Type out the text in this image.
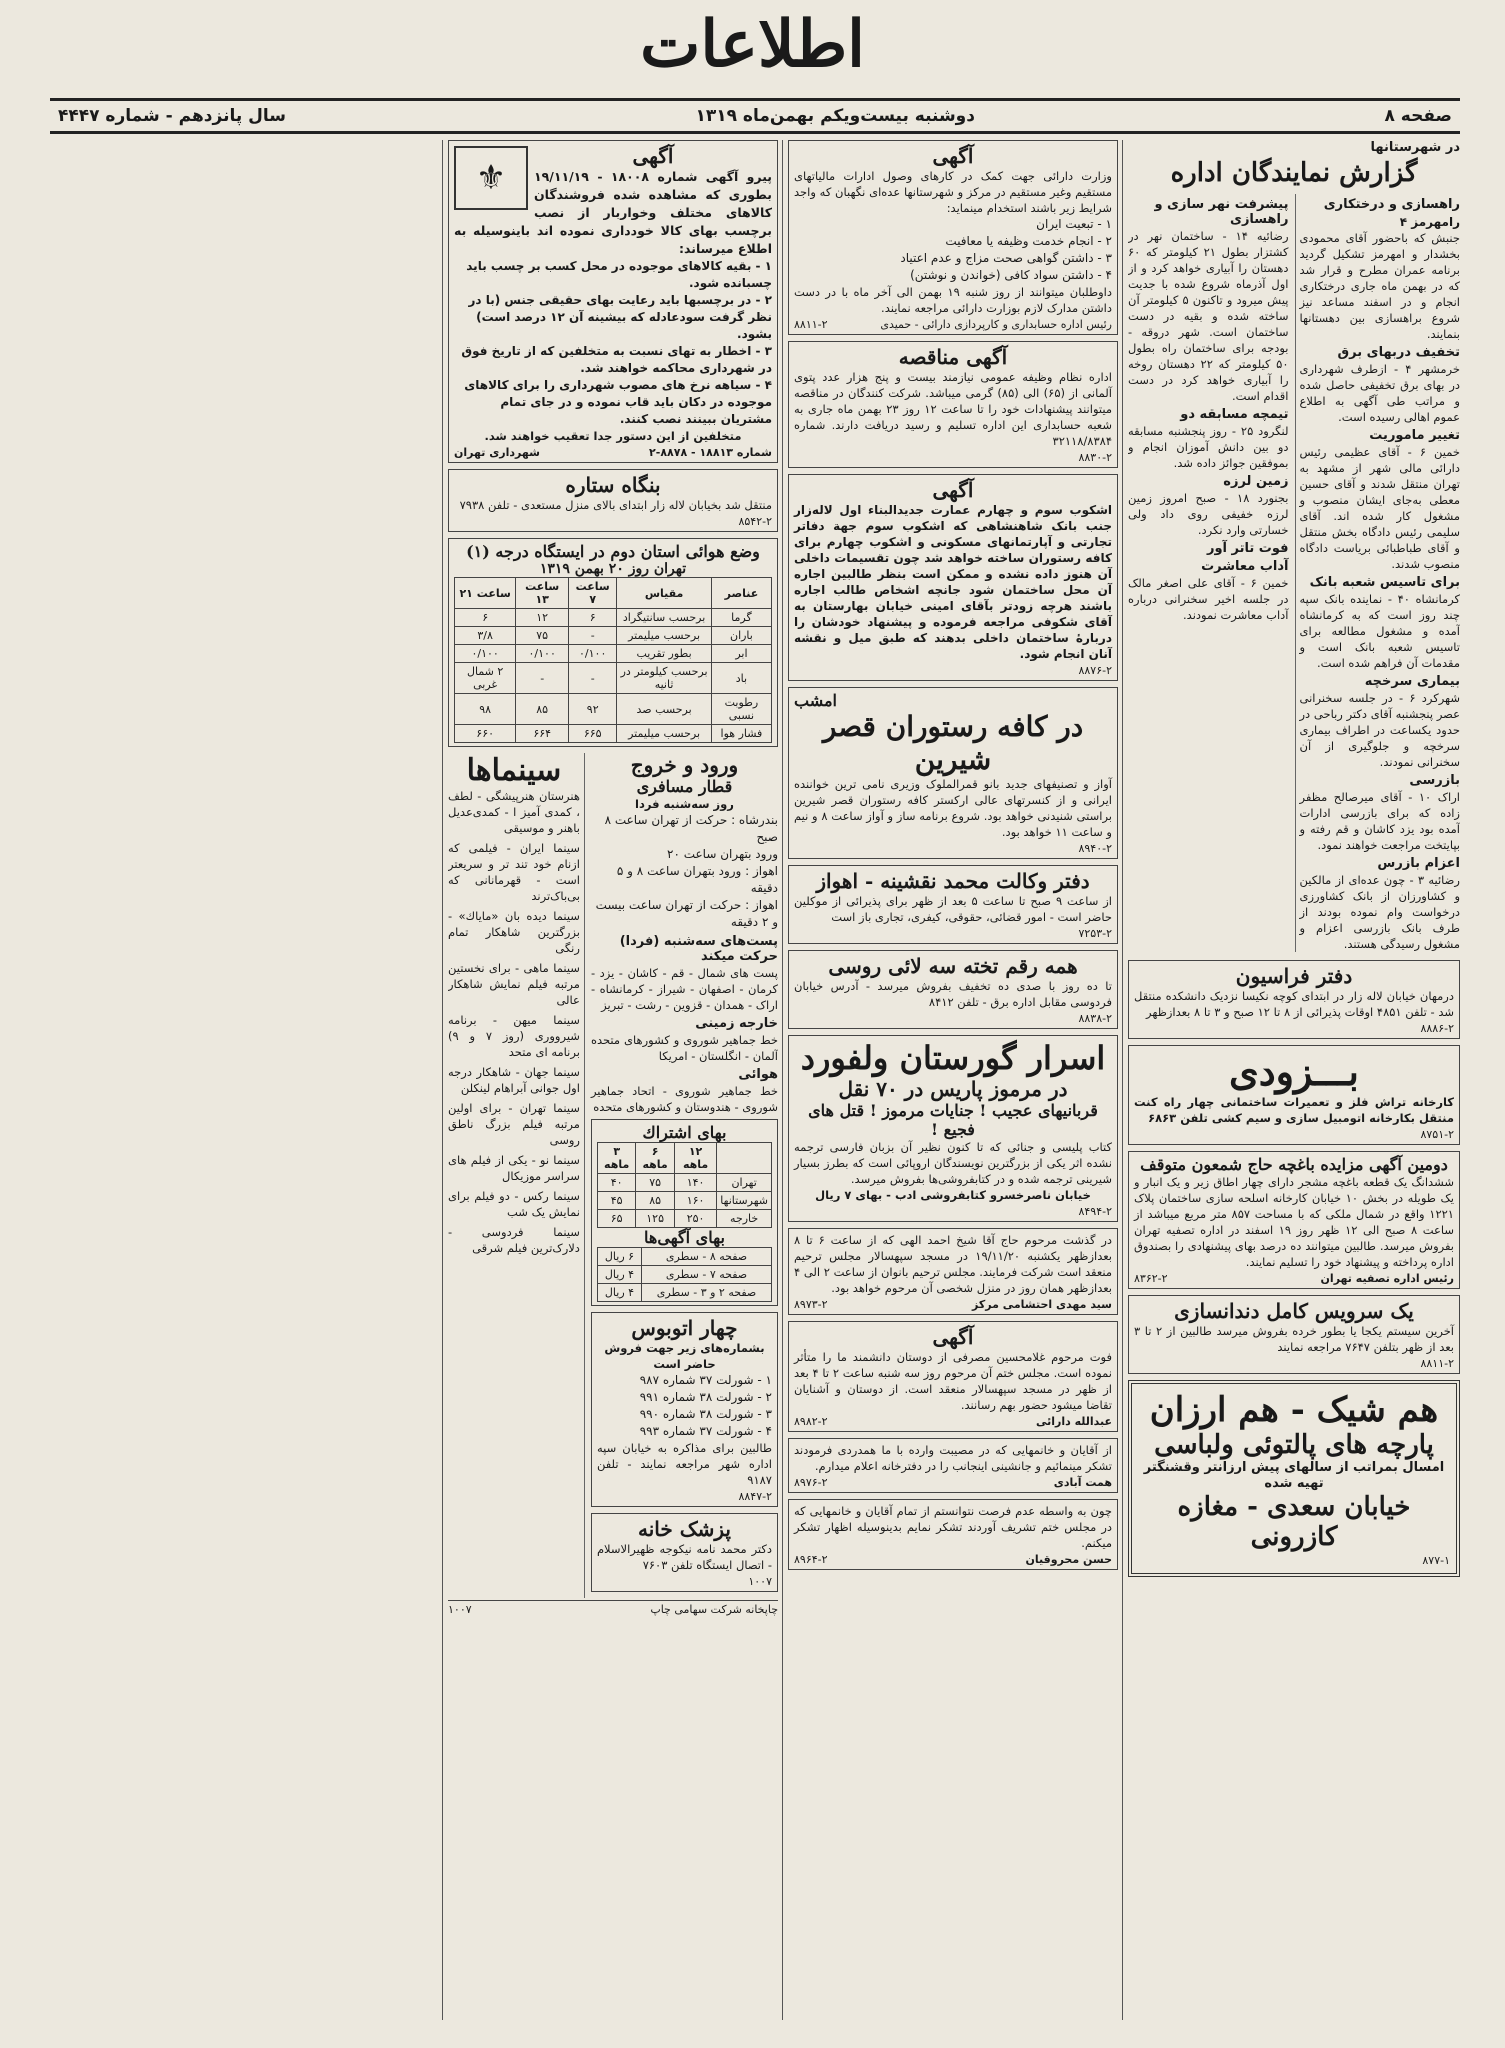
اطلاعات
صفحه ۸
دوشنبه بیست‌ویکم بهمن‌ماه ۱۳۱۹
سال پانزدهم - شماره ۴۴۴۷
در شهرستانها
گزارش نمایندگان اداره
راهسازی و درختکاری
رامهرمز ۴
جنبش که باحضور آقای محمودی بخشدار و امهرمز تشکیل گردید برنامه عمران مطرح و قرار شد که در بهمن ماه جاری درختکاری انجام و در اسفند مساعد نیز شروع براهسازی بین دهستانها بنمایند.
تخفیف دربهای برق
خرمشهر ۴ - ازطرف شهرداری در بهای برق تخفیفی حاصل شده و مراتب طی آگهی به اطلاع عموم اهالی رسیده است.
تغییر ماموریت
خمین ۶ - آقای عظیمی رئیس دارائی مالی شهر از مشهد به تهران منتقل شدند و آقای حسین معطی به‌جای ایشان منصوب و مشغول کار شده اند. آقای سلیمی رئیس دادگاه بخش منتقل و آقای طباطبائی بریاست دادگاه منصوب شدند.
برای تاسیس شعبه بانک
کرمانشاه ۴۰ - نماینده بانک سپه چند روز است که به کرمانشاه آمده و مشغول مطالعه برای تاسیس شعبه بانک است و مقدمات آن فراهم شده است.
بیماری سرخچه
شهرکرد ۶ - در جلسه سخنرانی عصر پنجشنبه آقای دکتر رباحی در حدود یکساعت در اطراف بیماری سرخچه و جلوگیری از آن سخنرانی نمودند.
بازرسی
اراک ۱۰ - آقای میرصالح مظفر زاده که برای بازرسی ادارات آمده بود یزد کاشان و قم رفته و بپایتخت مراجعت خواهند نمود.
اعزام بازرس
رضائیه ۳ - چون عده‌ای از مالکین و کشاورزان از بانک کشاورزی درخواست وام نموده بودند از طرف بانک بازرسی اعزام و مشغول رسیدگی هستند.
پیشرفت نهر سازی و راهسازی
رضائیه ۱۴ - ساختمان نهر در کشتزار بطول ۲۱ کیلومتر که ۶۰ دهستان را آبیاری خواهد کرد و از اول آذرماه شروع شده با جدیت پیش میرود و تاکنون ۵ کیلومتر آن ساخته شده و بقیه در دست ساختمان است. شهر دروقه - بودجه برای ساختمان راه بطول ۵۰ کیلومتر که ۲۲ دهستان روخه را آبیاری خواهد کرد در دست اقدام است.
تیمچه مسابقه دو
لنگرود ۲۵ - روز پنجشنبه مسابقه دو بین دانش آموزان انجام و بموفقین جوائز داده شد.
زمین لرزه
بجنورد ۱۸ - صبح امروز زمین لرزه خفیفی روی داد ولی خسارتی وارد نکرد.
فوت تاتر آور
آداب معاشرت
خمین ۶ - آقای علی اصغر مالک در جلسه اخیر سخنرانی درباره آداب معاشرت نمودند.
دفتر فراسیون
درمهان خیابان لاله زار در ابتدای کوچه نکیسا نزدیک دانشکده منتقل شد - تلفن ۴۸۵۱ اوقات پذیرائی از ۸ تا ۱۲ صبح و ۳ تا ۸ بعدازظهر
۸۸۸۶-۲
بـــزودی
کارخانه تراش فلز و تعمیرات ساختمانی چهار راه کنت منتقل بکارخانه اتومبیل سازی و سیم کشی تلفن ۶۸۶۳
۸۷۵۱-۲
دومین آگهی مزایده باغچه حاج شمعون متوقف
ششدانگ یک قطعه باغچه مشجر دارای چهار اطاق زیر و یک انبار و یک طویله در بخش ۱۰ خیابان کارخانه اسلحه سازی ساختمان پلاک ۱۲۲۱ واقع در شمال ملکی که با مساحت ۸۵۷ متر مربع میباشد از ساعت ۸ صبح الی ۱۲ ظهر روز ۱۹ اسفند در اداره تصفیه تهران بفروش میرسد. طالبین میتوانند ده درصد بهای پیشنهادی را بصندوق اداره پرداخته و پیشنهاد خود را تسلیم نمایند.
رئیس اداره تصفیه تهران
۸۳۶۲-۲
یک سرویس کامل دندانسازی
آخرین سیستم یکجا یا بطور خرده بفروش میرسد طالبین از ۲ تا ۳ بعد از ظهر بتلفن ۷۶۴۷ مراجعه نمایند
۸۸۱۱-۲
هم شیک - هم ارزان
پارچه های پالتوئی ولباسی
امسال بمراتب از سالهای پیش ارزانتر وقشنگتر تهیه شده
خیابان سعدی - مغازه کازرونی
۸۷۷-۱
آگهی
وزارت دارائی جهت کمک در کارهای وصول ادارات مالیاتهای مستقیم وغیر مستقیم در مرکز و شهرستانها عده‌ای نگهبان که واجد شرایط زیر باشند استخدام مینماید:
۱ - تبعیت ایران
۲ - انجام خدمت وظیفه یا معافیت
۳ - داشتن گواهی صحت مزاج و عدم اعتیاد
۴ - داشتن سواد کافی (خواندن و نوشتن)
داوطلبان میتوانند از روز شنبه ۱۹ بهمن الی آخر ماه با در دست داشتن مدارک لازم بوزارت دارائی مراجعه نمایند.
رئیس اداره حسابداری و کارپردازی دارائی - حمیدی
۸۸۱۱-۲
آگهی مناقصه
اداره نظام وظیفه عمومی نیازمند بیست و پنج هزار عدد پتوی آلمانی از (۶۵) الی (۸۵) گرمی میباشد. شرکت کنندگان در مناقصه میتوانند پیشنهادات خود را تا ساعت ۱۲ روز ۲۳ بهمن ماه جاری به شعبه حسابداری این اداره تسلیم و رسید دریافت دارند. شماره ۳۲۱۱۸/۸۳۸۴
۸۸۳۰-۲
آگهی
اشکوب سوم و چهارم عمارت جدیدالبناء اول لاله‌زار جنب بانک شاهنشاهی که اشکوب سوم جهة دفاتر تجارتی و آپارتمانهای مسکونی و اشکوب چهارم برای کافه رستوران ساخته خواهد شد چون تقسیمات داخلی آن هنوز داده نشده و ممکن است بنظر طالبین اجاره آن محل ساختمان شود جانچه اشخاص طالب اجاره باشند هرچه زودتر بآقای امینی خیابان بهارستان به آقای شکوفی مراجعه فرموده و پیشنهاد خودشان را دربارهٔ ساختمان داخلی بدهند که طبق میل و نقشه آنان انجام شود.
۸۸۷۶-۲
امشب
در کافه رستوران قصر شیرین
آواز و تصنیفهای جدید بانو قمرالملوک وزیری نامی ترین خواننده ایرانی و از کنسرتهای عالی ارکستر کافه رستوران قصر شیرین براستی شنیدنی خواهد بود. شروع برنامه ساز و آواز ساعت ۸ و نیم و ساعت ۱۱ خواهد بود.
۸۹۴۰-۲
دفتر وکالت محمد نقشینه - اهواز
از ساعت ۹ صبح تا ساعت ۵ بعد از ظهر برای پذیرائی از موکلین حاضر است - امور قضائی، حقوقی، کیفری، تجاری باز است
۷۲۵۳-۲
همه رقم تخته سه لائی روسی
تا ده روز با صدی ده تخفیف بفروش میرسد - آدرس خیابان فردوسی مقابل اداره برق - تلفن ۸۴۱۲
۸۸۳۸-۲
اسرار گورستان ولفورد
در مرموز پاریس در ۷۰ نقل
قربانیهای عجیب ! جنایات مرموز ! قتل های فجیع !
کتاب پلیسی و جنائی که تا کنون نظیر آن بزبان فارسی ترجمه نشده اثر یکی از بزرگترین نویسندگان اروپائی است که بطرز بسیار شیرینی ترجمه شده و در کتابفروشی‌ها بفروش میرسد.
خیابان ناصرخسرو کتابفروشی ادب - بهای ۷ ریال
۸۴۹۴-۲
در گذشت مرحوم حاج آقا شیخ احمد الهی که از ساعت ۶ تا ۸ بعدازظهر یکشنبه ۱۹/۱۱/۲۰ در مسجد سپهسالار مجلس ترحیم منعقد است شرکت فرمایند. مجلس ترحیم بانوان از ساعت ۲ الی ۴ بعدازظهر همان روز در منزل شخصی آن مرحوم خواهد بود.
سید مهدی احتشامی مرکز
۸۹۷۳-۲
آگهی
فوت مرحوم غلامحسین مصرفی از دوستان دانشمند ما را متأثر نموده است. مجلس ختم آن مرحوم روز سه شنبه ساعت ۲ تا ۴ بعد از ظهر در مسجد سپهسالار منعقد است. از دوستان و آشنایان تقاضا میشود حضور بهم رسانند.
عبدالله دارائی
۸۹۸۲-۲
از آقایان و خانمهایی که در مصیبت وارده با ما همدردی فرمودند تشکر مینمائیم و جانشینی اینجانب را در دفترخانه اعلام میدارم.
همت آبادی
۸۹۷۶-۲
چون به واسطه عدم فرصت نتوانستم از تمام آقایان و خانمهایی که در مجلس ختم تشریف آوردند تشکر نمایم بدینوسیله اظهار تشکر میکنم.
حسن محروقیان
۸۹۶۴-۲
⚜
آگهی
پیرو آگهی شماره ۱۸۰۰۸ - ۱۹/۱۱/۱۹ بطوری که مشاهده شده فروشندگان کالاهای مختلف وخواربار از نصب برچسب بهای کالا خودداری نموده اند باینوسیله به اطلاع میرساند:
۱ - بقیه کالاهای موجوده در محل کسب بر چسب باید چسبانده شود.
۲ - در برچسبها باید رعایت بهای حقیقی جنس (با در نظر گرفت سودعادله که بیشینه آن ۱۲ درصد است) بشود.
۳ - اخطار به تهای نسبت به متخلفین که از تاریخ فوق در شهرداری محاکمه خواهند شد.
۴ - سیاهه نرخ های مصوب شهرداری را برای کالاهای موجوده در دکان باید قاب نموده و در جای تمام مشتریان ببینند نصب کنند.
متخلفین از این دستور جدا تعقیب خواهند شد.
شماره ۱۸۸۱۳ - ۸۸۷۸-۲
شهرداری تهران
بنگاه ستاره
منتقل شد بخیابان لاله زار ابتدای بالای منزل مستعدی - تلفن ۷۹۳۸
۸۵۴۲-۲
وضع هوائی استان دوم در ایستگاه درجه (۱)
تهران روز ۲۰ بهمن ۱۳۱۹
عناصر	مقیاس	ساعت ۷	ساعت ۱۳	ساعت ۲۱
گرما	برحسب سانتیگراد	۶	۱۲	۶
باران	برحسب میلیمتر	-	۷۵	۳/۸
ابر	بطور تقریب	۰/۱۰۰	۰/۱۰۰	۰/۱۰۰
باد	برحسب کیلومتر در ثانیه	-	-	۲ شمال غربی
رطوبت نسبی	برحسب صد	۹۲	۸۵	۹۸
فشار هوا	برحسب میلیمتر	۶۶۵	۶۶۴	۶۶۰
ورود و خروج
قطار مسافری
روز سه‌شنبه فردا
بندرشاه : حرکت از تهران ساعت ۸ صبح
ورود بتهران ساعت ۲۰
اهواز : ورود بتهران ساعت ۸ و ۵ دقیقه
اهواز : حرکت از تهران ساعت بیست و ۲ دقیقه
پست‌های سه‌شنبه (فردا) حرکت میکند
پست های شمال - قم - کاشان - یزد - کرمان - اصفهان - شیراز - کرمانشاه - اراک - همدان - قزوین - رشت - تبریز
خارجه زمینی
خط جماهیر شوروی و کشورهای متحده آلمان - انگلستان - امریکا
هوائی
خط جماهیر شوروی - اتحاد جماهیر شوروی - هندوستان و کشورهای متحده
بهای اشتراك
	۱۲ ماهه	۶ ماهه	۳ ماهه
تهران	۱۴۰	۷۵	۴۰
شهرستانها	۱۶۰	۸۵	۴۵
خارجه	۲۵۰	۱۲۵	۶۵
بهای آگهی‌ها
صفحه ۸ - سطری	۶ ریال
صفحه ۷ - سطری	۴ ریال
صفحه ۲ و ۳ - سطری	۴ ریال
چهار اتوبوس
بشماره‌های زیر جهت فروش حاضر است
۱ - شورلت ۳۷ شماره ۹۸۷
۲ - شورلت ۳۸ شماره ۹۹۱
۳ - شورلت ۳۸ شماره ۹۹۰
۴ - شورلت ۳۷ شماره ۹۹۳
طالبین برای مذاکره به خیابان سپه اداره شهر مراجعه نمایند - تلفن ۹۱۸۷
۸۸۴۷-۲
پزشک خانه
دکتر محمد نامه نیکوجه ظهیرالاسلام - اتصال ایستگاه تلفن ۷۶۰۳
۱۰۰۷
سینماها
هنرستان هنرپیشگی - لطف ، کمدی آمیز ا - کمدی‌عدیل باهنر و موسیقی
سینما ایران - فیلمی که ازنام خود تند تر و سریعتر است - قهرمانانی که بی‌باک‌ترند
سینما دیده بان «مایاك» - بزرگترین شاهکار تمام رنگی
سینما ماهی - برای نخستین مرتبه فیلم نمایش شاهکار عالی
سینما میهن - برنامه شیرووری (روز ۷ و ۹) برنامه ای متحد
سینما جهان - شاهکار درجه اول جوانی آبراهام لینکلن
سینما تهران - برای اولین مرتبه فیلم بزرگ ناطق روسی
سینما نو - یکی از فیلم های سراسر موزیکال
سینما رکس - دو فیلم برای نمایش یک شب
سینما فردوسی - دلارک‌ترین فیلم شرقی
چاپخانه شرکت سهامی چاپ
۱۰۰۷
